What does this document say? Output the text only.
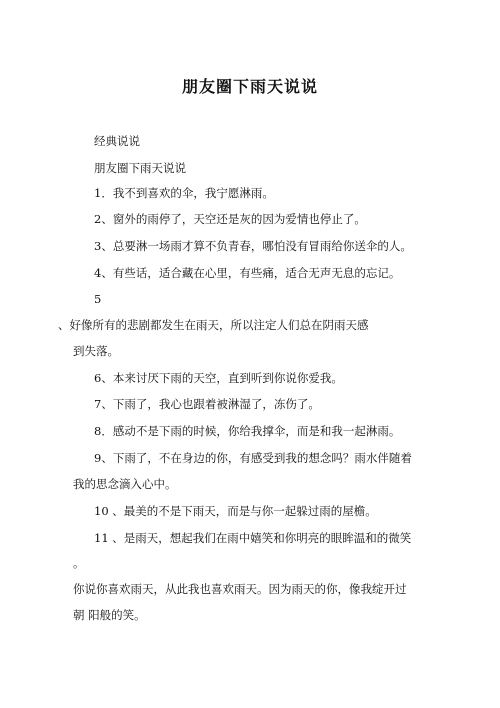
朋友圈下雨天说说
经典说说
朋友圈下雨天说说
1．我不到喜欢的伞，我宁愿淋雨。
2、窗外的雨停了，天空还是灰的因为爱情也停止了。
3、总要淋一场雨才算不负青春，哪怕没有冒雨给你送伞的人。
4、有些话，适合藏在心里，有些痛，适合无声无息的忘记。
5
、好像所有的悲剧都发生在雨天，所以注定人们总在阴雨天感
到失落。
6、本来讨厌下雨的天空，直到听到你说你爱我。
7、下雨了，我心也跟着被淋湿了，冻伤了。
8．感动不是下雨的时候，你给我撑伞，而是和我一起淋雨。
9、下雨了，不在身边的你，有感受到我的想念吗？雨水伴随着
我的思念滴入心中。
10 、最美的不是下雨天，而是与你一起躲过雨的屋檐。
11 、是雨天，想起我们在雨中嬉笑和你明亮的眼眸温和的微笑
。
你说你喜欢雨天，从此我也喜欢雨天。因为雨天的你，像我绽开过
朝 阳般的笑。
